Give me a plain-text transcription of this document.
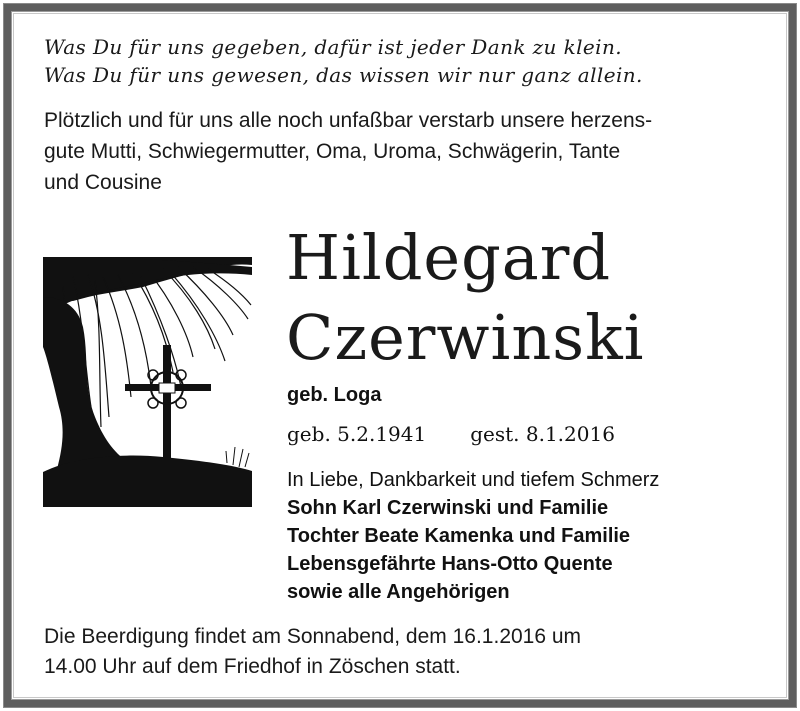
Was Du für uns gegeben, dafür ist jeder Dank zu klein.
Was Du für uns gewesen, das wissen wir nur ganz allein.
Plötzlich und für uns alle noch unfaßbar verstarb unsere herzens-
gute Mutti, Schwiegermutter, Oma, Uroma, Schwägerin, Tante
und Cousine
Hildegard
Czerwinski
geb. Loga
geb. 5.2.1941 gest. 8.1.2016
In Liebe, Dankbarkeit und tiefem Schmerz
Sohn Karl Czerwinski und Familie
Tochter Beate Kamenka und Familie
Lebensgefährte Hans-Otto Quente
sowie alle Angehörigen
Die Beerdigung findet am Sonnabend, dem 16.1.2016 um
14.00 Uhr auf dem Friedhof in Zöschen statt.
